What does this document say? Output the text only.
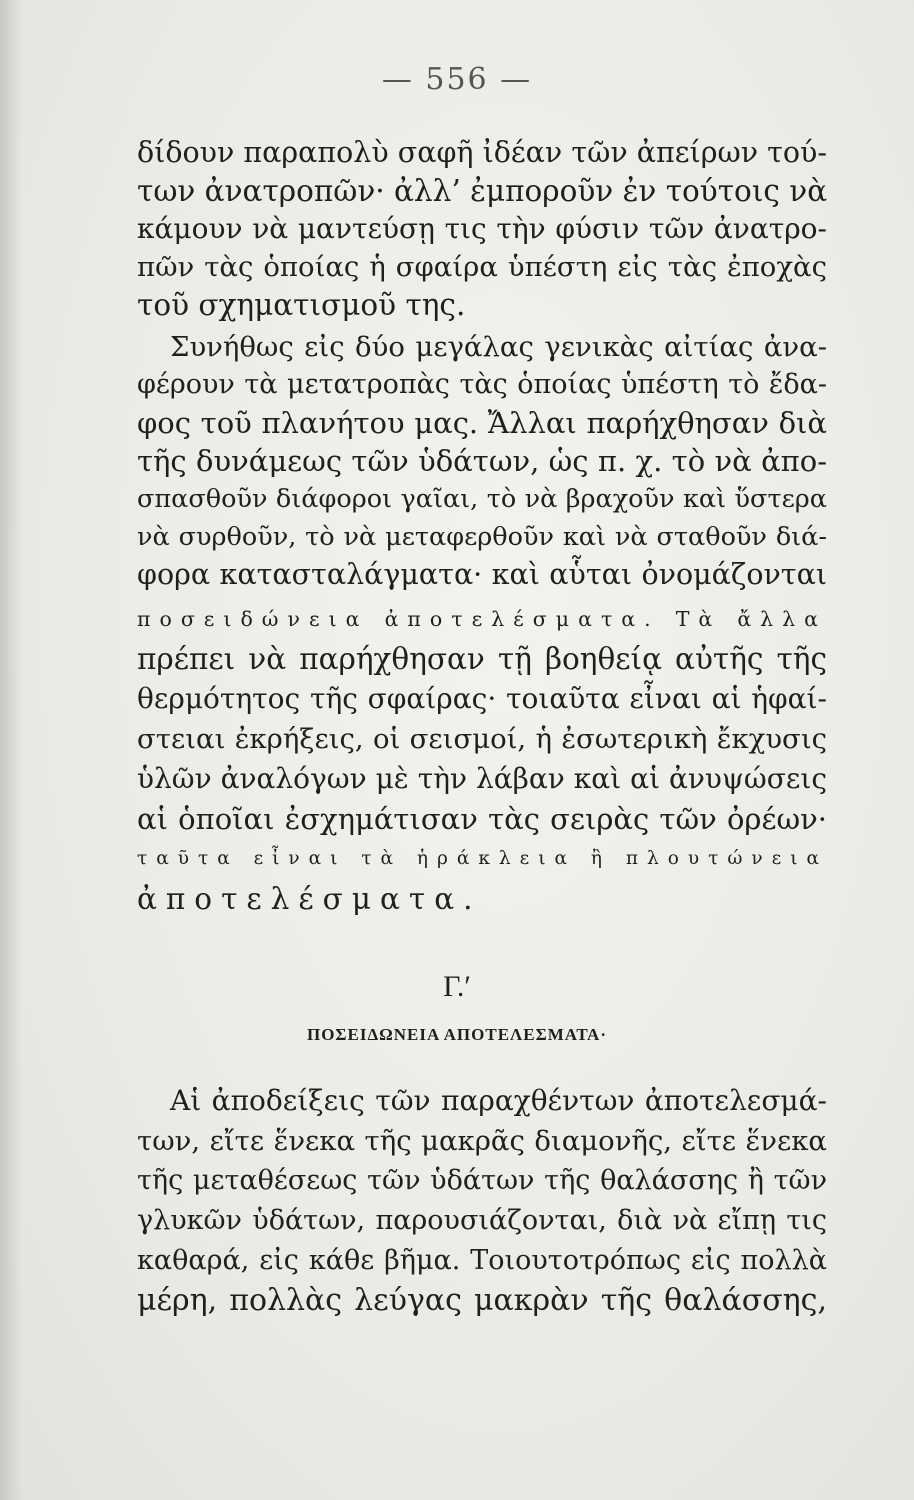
— 556 —
δίδουν παραπολὺ σαφῆ ἰδέαν τῶν ἀπείρων τού-
των ἀνατροπῶν· ἀλλ’ ἐμποροῦν ἐν τούτοις νὰ
κάμουν νὰ μαντεύσῃ τις τὴν φύσιν τῶν ἀνατρο-
πῶν τὰς ὁποίας ἡ σφαίρα ὑπέστη εἰς τὰς ἐποχὰς
τοῦ σχηματισμοῦ της.
Συνήθως εἰς δύο μεγάλας γενικὰς αἰτίας ἀνα-
φέρουν τὰ μετατροπὰς τὰς ὁποίας ὑπέστη τὸ ἔδα-
φος τοῦ πλανήτου μας. Ἄλλαι παρήχθησαν διὰ
τῆς δυνάμεως τῶν ὑδάτων, ὡς π. χ. τὸ νὰ ἀπο-
σπασθοῦν διάφοροι γαῖαι, τὸ νὰ βραχοῦν καὶ ὕστερα
νὰ συρθοῦν, τὸ νὰ μεταφερθοῦν καὶ νὰ σταθοῦν διά-
φορα κατασταλάγματα· καὶ αὗται ὀνομάζονται
ποσειδώνεια ἀποτελέσματα. Τὰ ἄλλα
πρέπει νὰ παρήχθησαν τῇ βοηθείᾳ αὐτῆς τῆς
θερμότητος τῆς σφαίρας· τοιαῦτα εἶναι αἱ ἡφαί-
στειαι ἐκρήξεις, οἱ σεισμοί, ἡ ἐσωτερικὴ ἔκχυσις
ὑλῶν ἀναλόγων μὲ τὴν λάβαν καὶ αἱ ἀνυψώσεις
αἱ ὁποῖαι ἐσχημάτισαν τὰς σειρὰς τῶν ὀρέων·
ταῦτα εἶναι τὰ ἡράκλεια ἢ πλουτώνεια
ἀποτελέσματα.
Γ.′
ΠΟΣΕΙΔΩΝΕΙΑ ΑΠΟΤΕΛΕΣΜΑΤΑ·
Αἱ ἀποδείξεις τῶν παραχθέντων ἀποτελεσμά-
των, εἴτε ἕνεκα τῆς μακρᾶς διαμονῆς, εἴτε ἕνεκα
τῆς μεταθέσεως τῶν ὑδάτων τῆς θαλάσσης ἢ τῶν
γλυκῶν ὑδάτων, παρουσιάζονται, διὰ νὰ εἴπῃ τις
καθαρά, εἰς κάθε βῆμα. Τοιουτοτρόπως εἰς πολλὰ
μέρη, πολλὰς λεύγας μακρὰν τῆς θαλάσσης,
